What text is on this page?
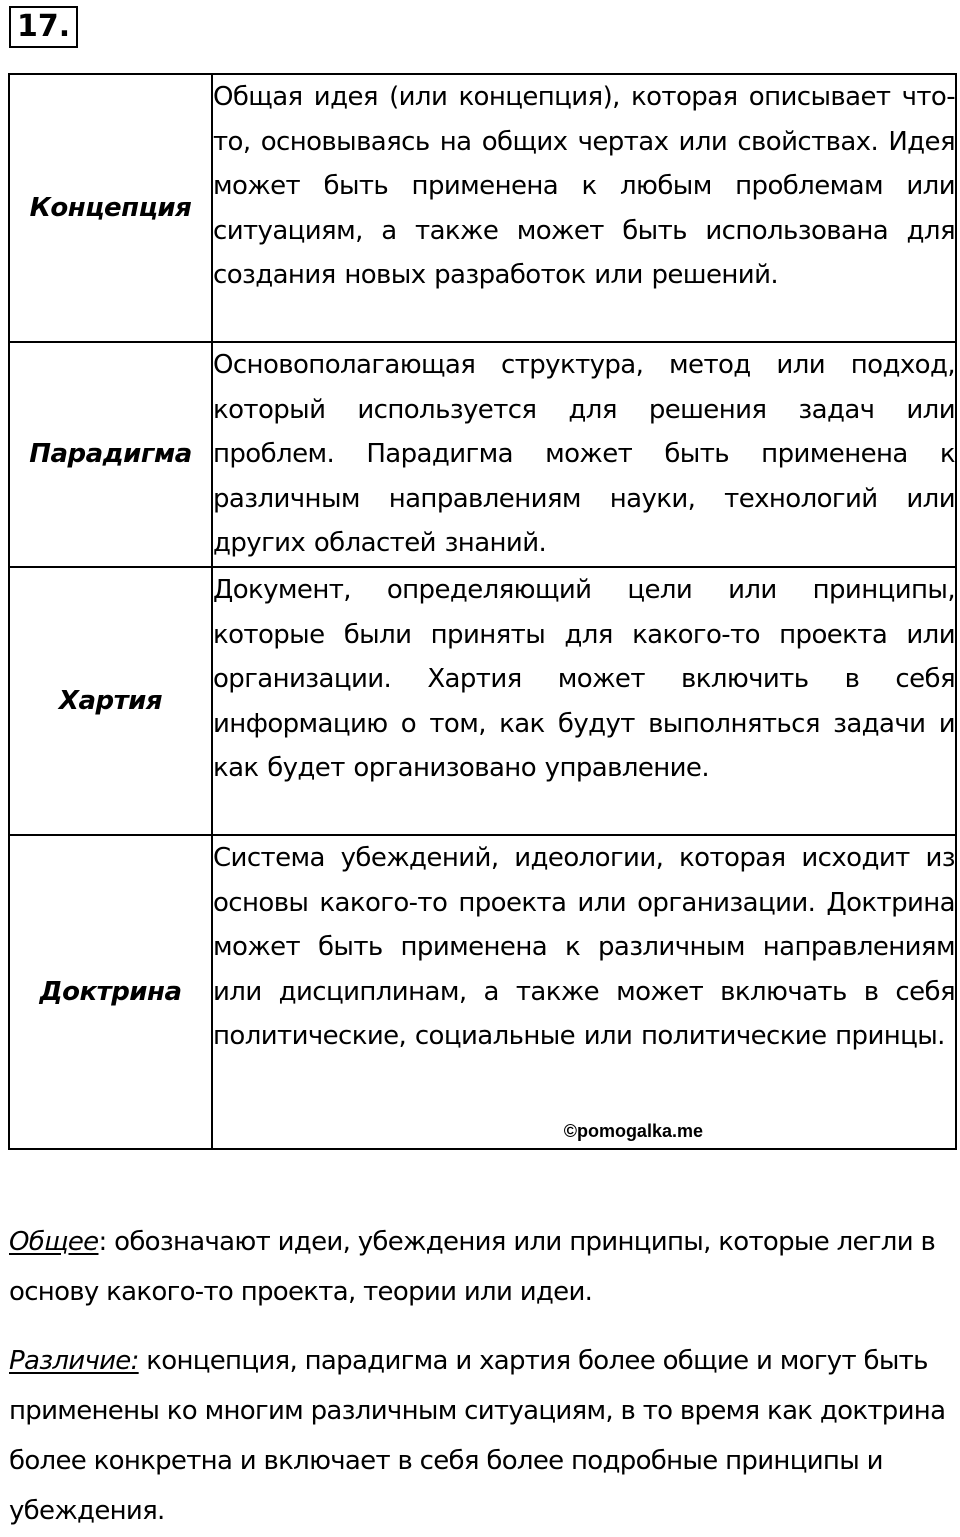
17.
Концепция	Общая идея (или концепция), которая описывает что-то, основываясь на общих чертах или свойствах. Идея может быть применена к любым проблемам или ситуациям, а также может быть использована для создания новых разработок или решений.

Парадигма	Основополагающая структура, метод или подход, который используется для решения задач или проблем. Парадигма может быть применена к различным направлениям науки, технологий или других областей знаний.

Хартия	Документ, определяющий цели или принципы, которые были приняты для какого-то проекта или организации. Хартия может включить в себя информацию о том, как будут выполняться задачи и как будет организовано управление.

Доктрина	Система убеждений, идеологии, которая исходит из основы какого-то проекта или организации. Доктрина может быть применена к различным направлениям или дисциплинам, а также может включать в себя политические, социальные или политические принцы.
©pomogalka.me
Общее: обозначают идеи, убеждения или принципы, которые легли в основу какого-то проекта, теории или идеи.
Различие: концепция, парадигма и хартия более общие и могут быть применены ко многим различным ситуациям, в то время как доктрина более конкретна и включает в себя более подробные принципы и убеждения.
